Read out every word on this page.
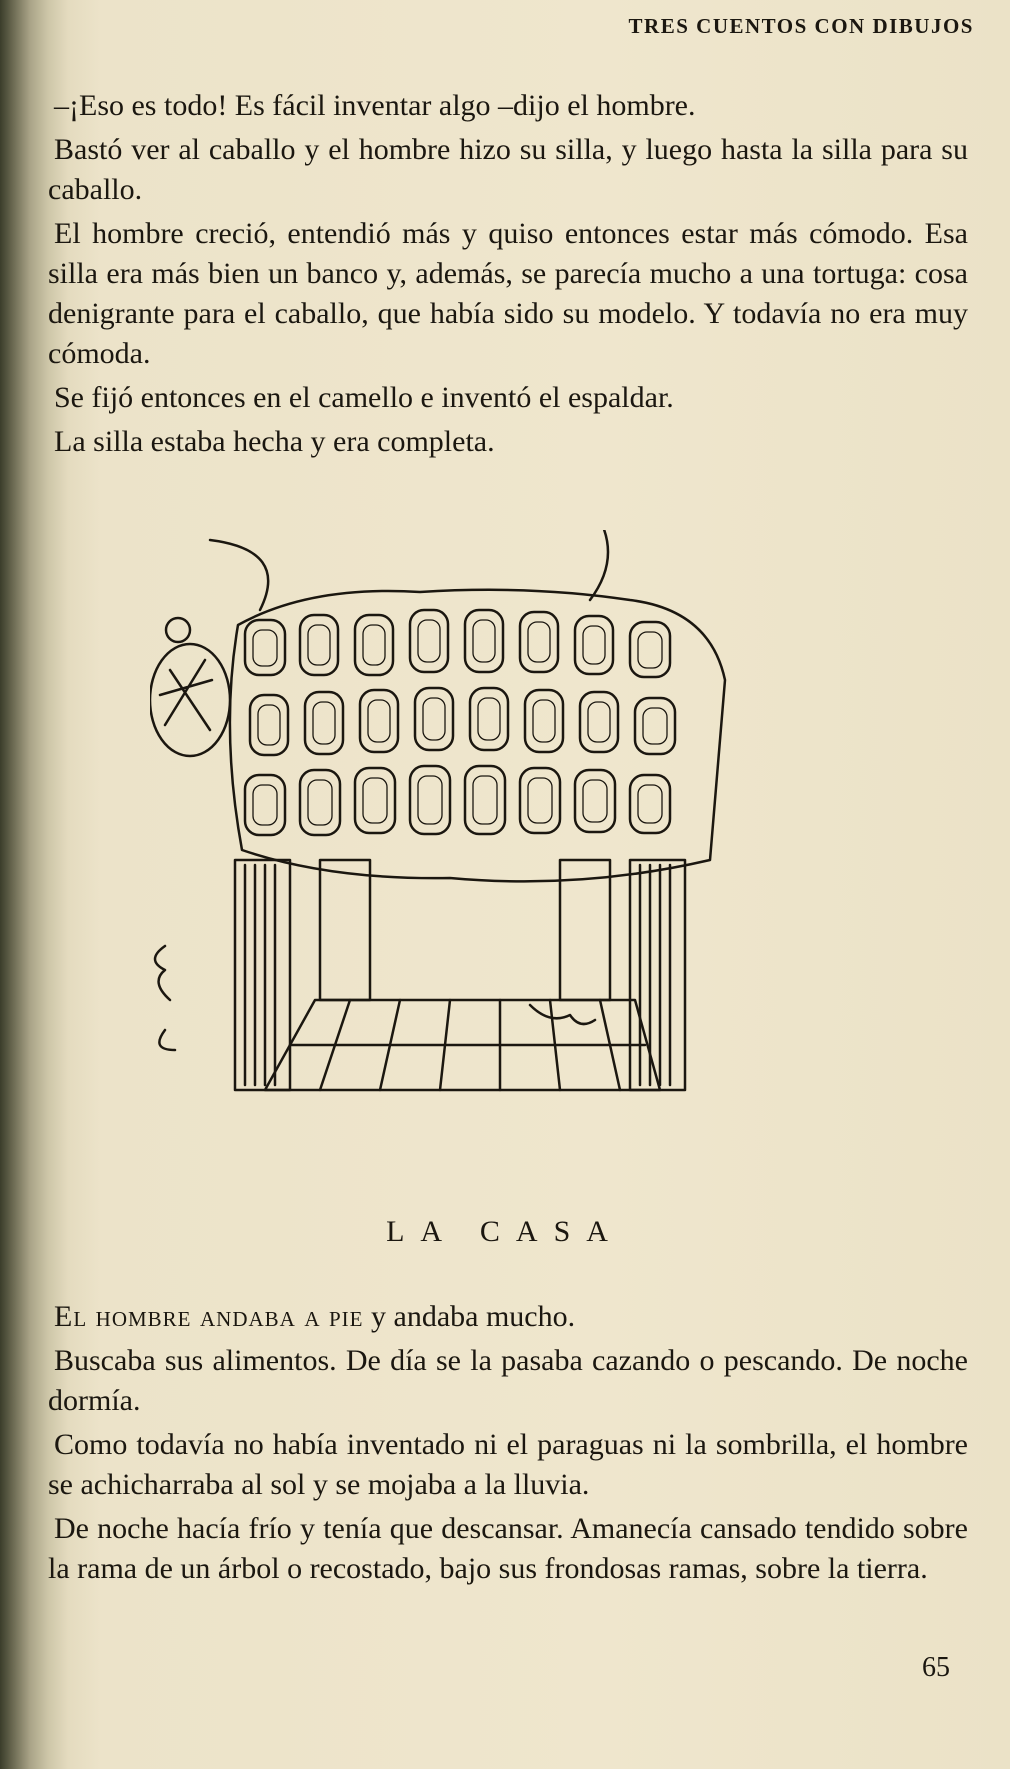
TRES CUENTOS CON DIBUJOS

–¡Eso es todo! Es fácil inventar algo –dijo el hombre.

Bastó ver al caballo y el hombre hizo su silla, y luego hasta la silla para su caballo.

El hombre creció, entendió más y quiso entonces estar más cómodo. Esa silla era más bien un banco y, además, se parecía mucho a una tortuga: cosa denigrante para el caballo, que había sido su modelo. Y todavía no era muy cómoda.

Se fijó entonces en el camello e inventó el espaldar.

La silla estaba hecha y era completa.

LA CASA

El hombre andaba a pie y andaba mucho.

Buscaba sus alimentos. De día se la pasaba cazando o pescando. De noche dormía.

Como todavía no había inventado ni el paraguas ni la sombrilla, el hombre se achicharraba al sol y se mojaba a la lluvia.

De noche hacía frío y tenía que descansar. Amanecía cansado tendido sobre la rama de un árbol o recostado, bajo sus frondosas ramas, sobre la tierra.

65
